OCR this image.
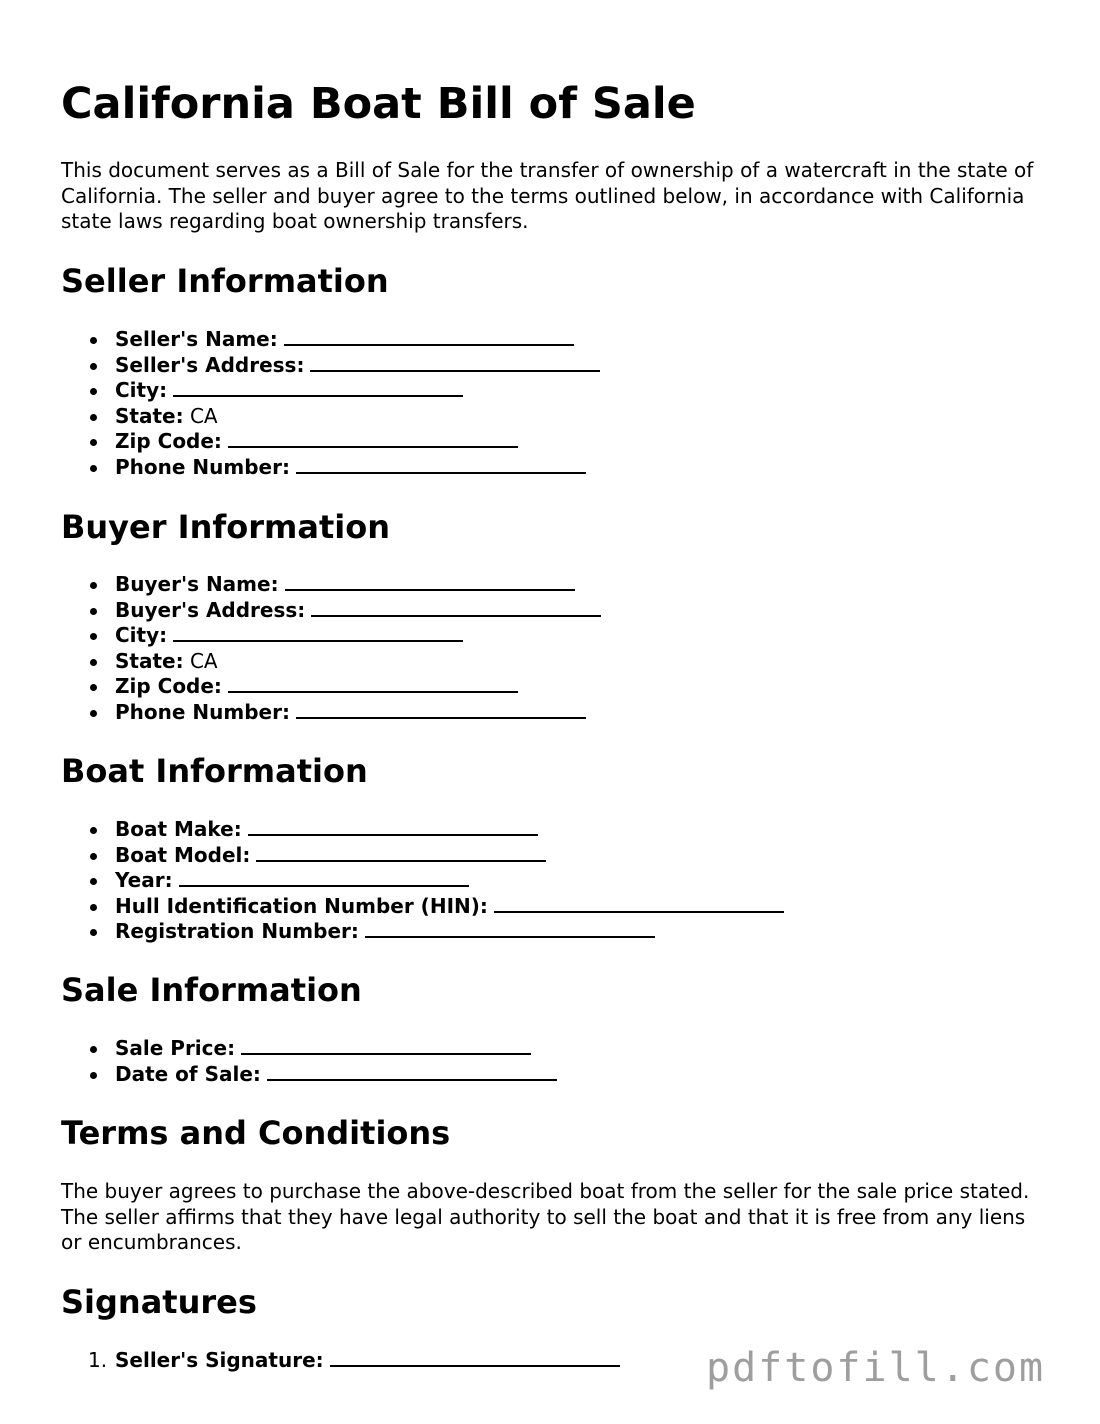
California Boat Bill of Sale

This document serves as a Bill of Sale for the transfer of ownership of a watercraft in the state of California. The seller and buyer agree to the terms outlined below, in accordance with California state laws regarding boat ownership transfers.

Seller Information
Seller's Name:
Seller's Address:
City:
State: CA
Zip Code:
Phone Number:
Buyer Information
Buyer's Name:
Buyer's Address:
City:
State: CA
Zip Code:
Phone Number:
Boat Information
Boat Make:
Boat Model:
Year:
Hull Identification Number (HIN):
Registration Number:
Sale Information
Sale Price:
Date of Sale:
Terms and Conditions

The buyer agrees to purchase the above-described boat from the seller for the sale price stated. The seller affirms that they have legal authority to sell the boat and that it is free from any liens or encumbrances.

Signatures
1. Seller's Signature:	pdftofill.com
